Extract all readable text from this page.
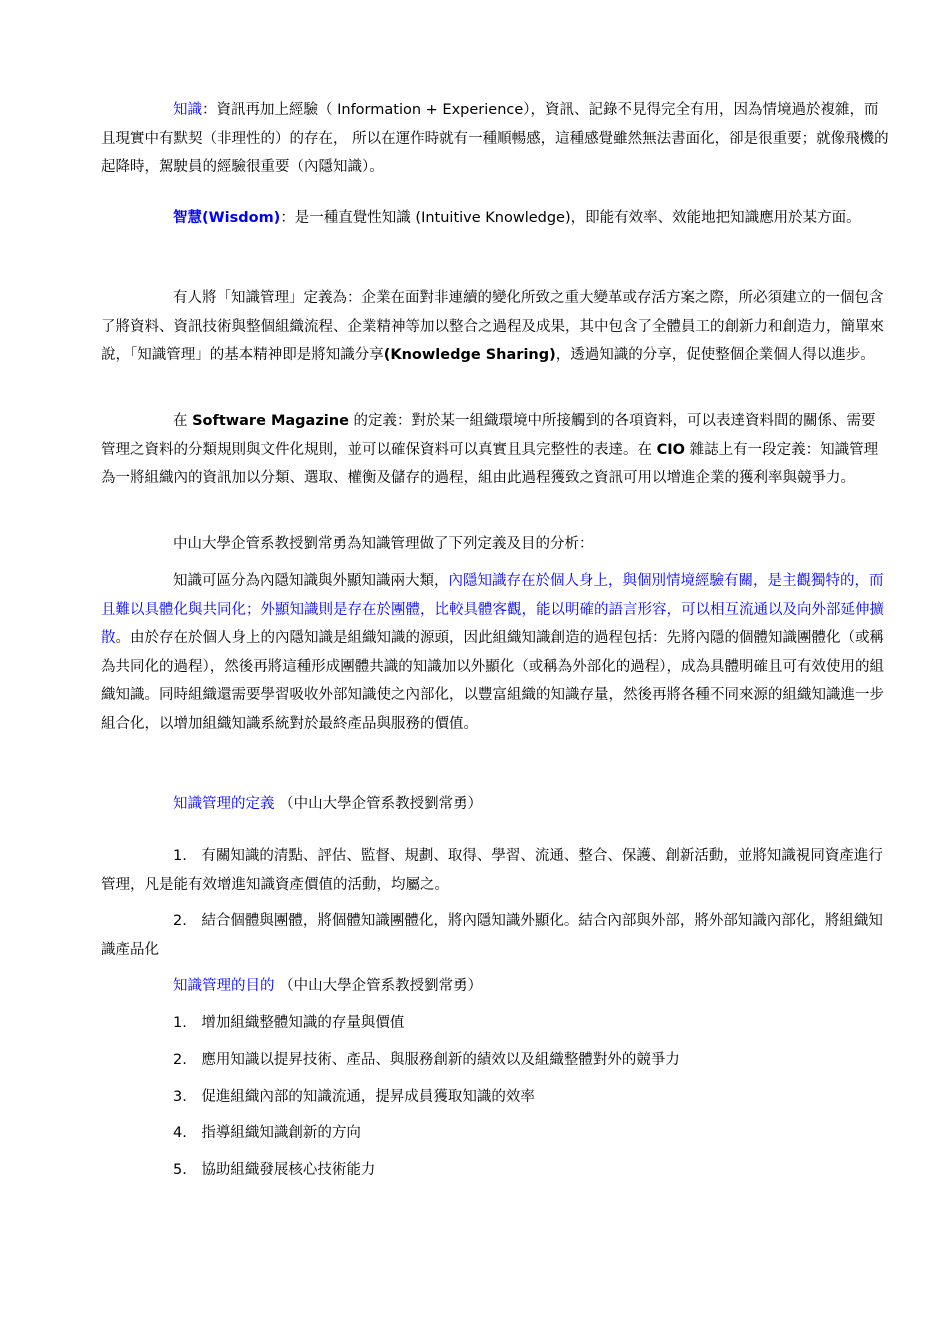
知識：資訊再加上經驗（ Information + Experience），資訊、記錄不見得完全有用，因為情境過於複雜，而且現實中有默契（非理性的）的存在， 所以在運作時就有一種順暢感，這種感覺雖然無法書面化，卻是很重要；就像飛機的起降時，駕駛員的經驗很重要（內隱知識）。

智慧(Wisdom)：是一種直覺性知識 (Intuitive Knowledge)，即能有效率、效能地把知識應用於某方面。

有人將「知識管理」定義為：企業在面對非連續的變化所致之重大變革或存活方案之際，所必須建立的一個包含了將資料、資訊技術與整個組織流程、企業精神等加以整合之過程及成果，其中包含了全體員工的創新力和創造力，簡單來說，「知識管理」的基本精神即是將知識分享(Knowledge Sharing)，透過知識的分享，促使整個企業個人得以進步。

在 Software Magazine 的定義：對於某一組織環境中所接觸到的各項資料，可以表達資料間的關係、需要管理之資料的分類規則與文件化規則，並可以確保資料可以真實且具完整性的表達。在 CIO 雜誌上有一段定義：知識管理為一將組織內的資訊加以分類、選取、權衡及儲存的過程，組由此過程獲致之資訊可用以增進企業的獲利率與競爭力。

中山大學企管系教授劉常勇為知識管理做了下列定義及目的分析：

知識可區分為內隱知識與外顯知識兩大類，內隱知識存在於個人身上，與個別情境經驗有關，是主觀獨特的，而且難以具體化與共同化；外顯知識則是存在於團體，比較具體客觀，能以明確的語言形容，可以相互流通以及向外部延伸擴散。由於存在於個人身上的內隱知識是組織知識的源頭，因此組織知識創造的過程包括：先將內隱的個體知識團體化（或稱為共同化的過程），然後再將這種形成團體共識的知識加以外顯化（或稱為外部化的過程），成為具體明確且可有效使用的組織知識。同時組織還需要學習吸收外部知識使之內部化，以豐富組織的知識存量，然後再將各種不同來源的組織知識進一步組合化，以增加組織知識系統對於最終產品與服務的價值。

知識管理的定義 （中山大學企管系教授劉常勇）

1.　有關知識的清點、評估、監督、規劃、取得、學習、流通、整合、保護、創新活動，並將知識視同資產進行管理，凡是能有效增進知識資產價值的活動，均屬之。

2.　結合個體與團體，將個體知識團體化，將內隱知識外顯化。結合內部與外部，將外部知識內部化，將組織知識產品化

知識管理的目的 （中山大學企管系教授劉常勇）

1.　增加組織整體知識的存量與價值

2.　應用知識以提昇技術、產品、與服務創新的績效以及組織整體對外的競爭力

3.　促進組織內部的知識流通，提昇成員獲取知識的效率

4.　指導組織知識創新的方向

5.　協助組織發展核心技術能力
